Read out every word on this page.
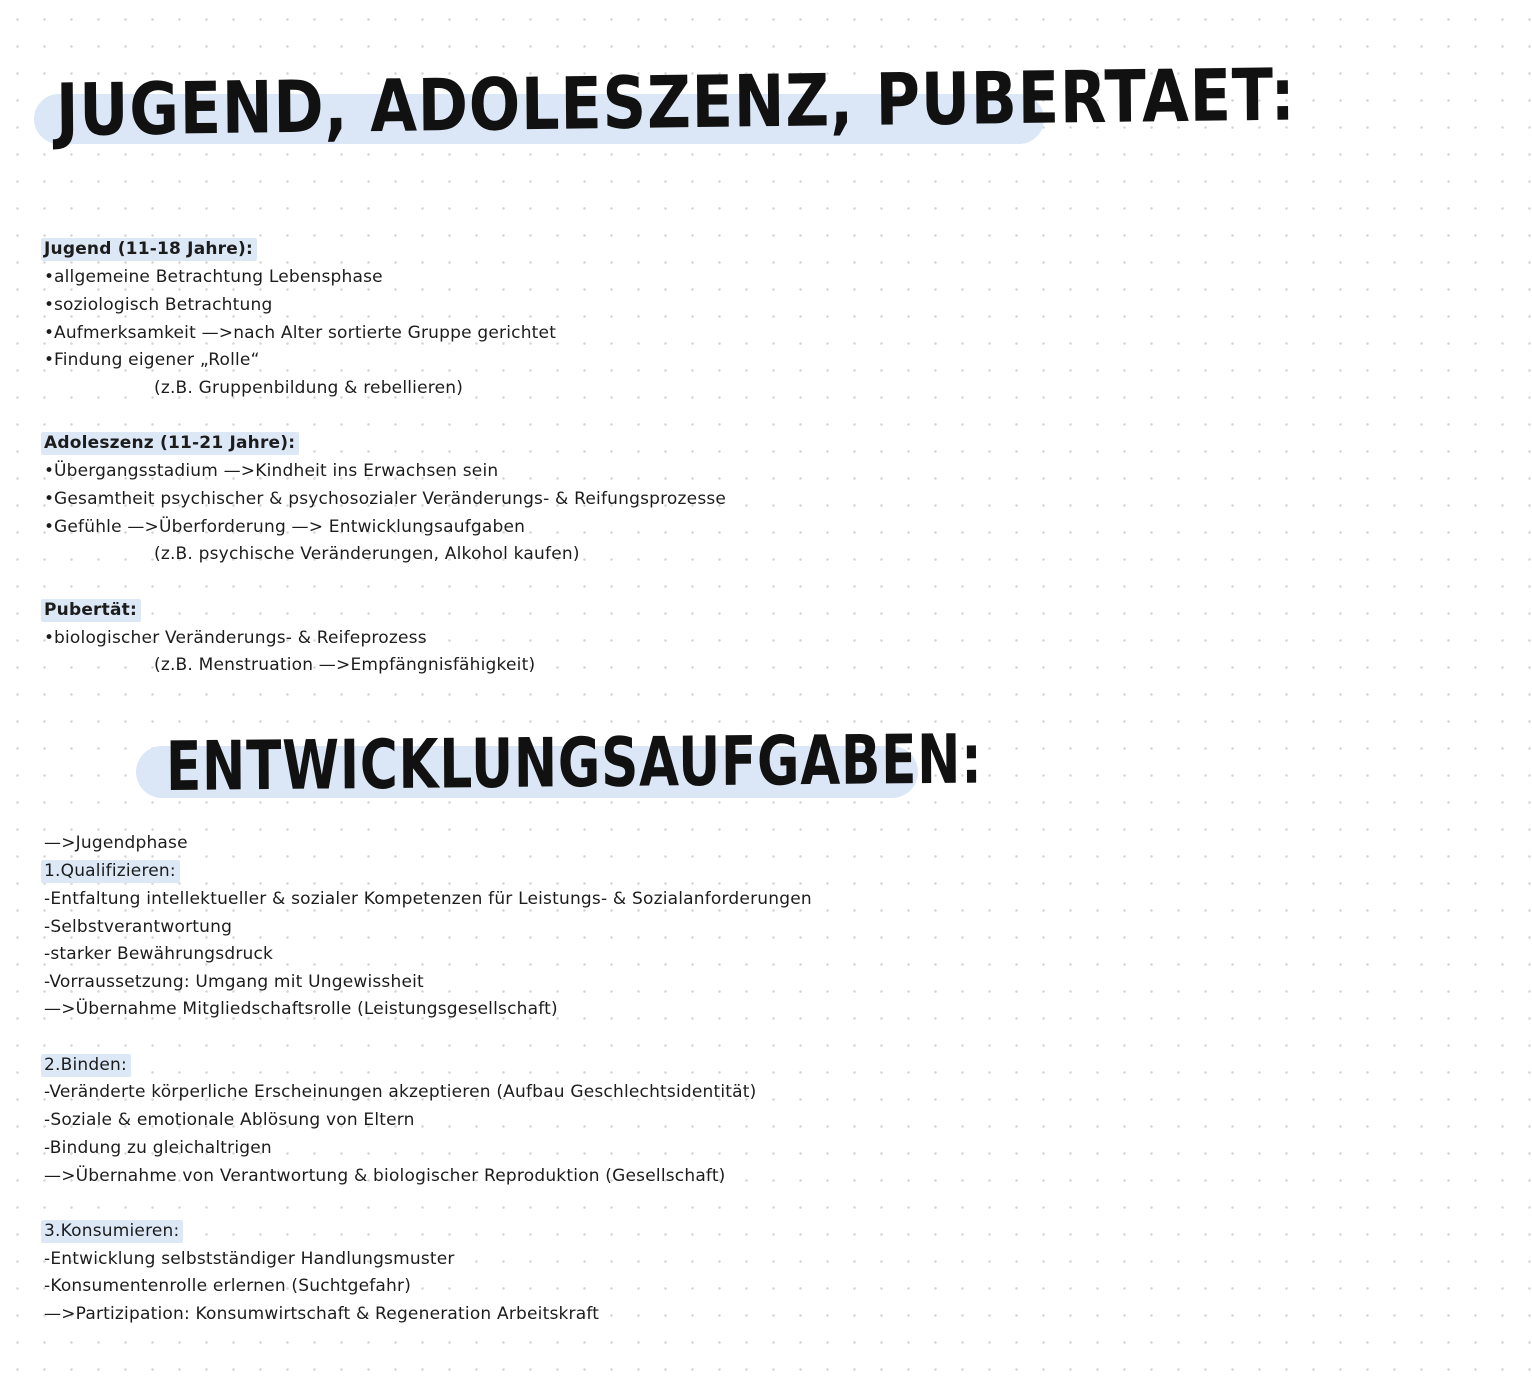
JUGEND, ADOLESZENZ, PUBERTAET:
Jugend (11-18 Jahre):
• allgemeine Betrachtung Lebensphase
• soziologisch Betrachtung
• Aufmerksamkeit —>nach Alter sortierte Gruppe gerichtet
• Findung eigener „Rolle“
(z.B. Gruppenbildung & rebellieren)
Adoleszenz (11-21 Jahre):
• Übergangsstadium —>Kindheit ins Erwachsen sein
• Gesamtheit psychischer & psychosozialer Veränderungs- & Reifungsprozesse
• Gefühle —>Überforderung —> Entwicklungsaufgaben
(z.B. psychische Veränderungen, Alkohol kaufen)
Pubertät:
• biologischer Veränderungs- & Reifeprozess
(z.B. Menstruation —>Empfängnisfähigkeit)
ENTWICKLUNGSAUFGABEN:
—>Jugendphase
1.Qualifizieren:
-Entfaltung intellektueller & sozialer Kompetenzen für Leistungs- & Sozialanforderungen
-Selbstverantwortung
-starker Bewährungsdruck
-Vorraussetzung: Umgang mit Ungewissheit
—>Übernahme Mitgliedschaftsrolle (Leistungsgesellschaft)
2.Binden:
-Veränderte körperliche Erscheinungen akzeptieren (Aufbau Geschlechtsidentität)
-Soziale & emotionale Ablösung von Eltern
-Bindung zu gleichaltrigen
—>Übernahme von Verantwortung & biologischer Reproduktion (Gesellschaft)
3.Konsumieren:
-Entwicklung selbstständiger Handlungsmuster
-Konsumentenrolle erlernen (Suchtgefahr)
—>Partizipation: Konsumwirtschaft & Regeneration Arbeitskraft
